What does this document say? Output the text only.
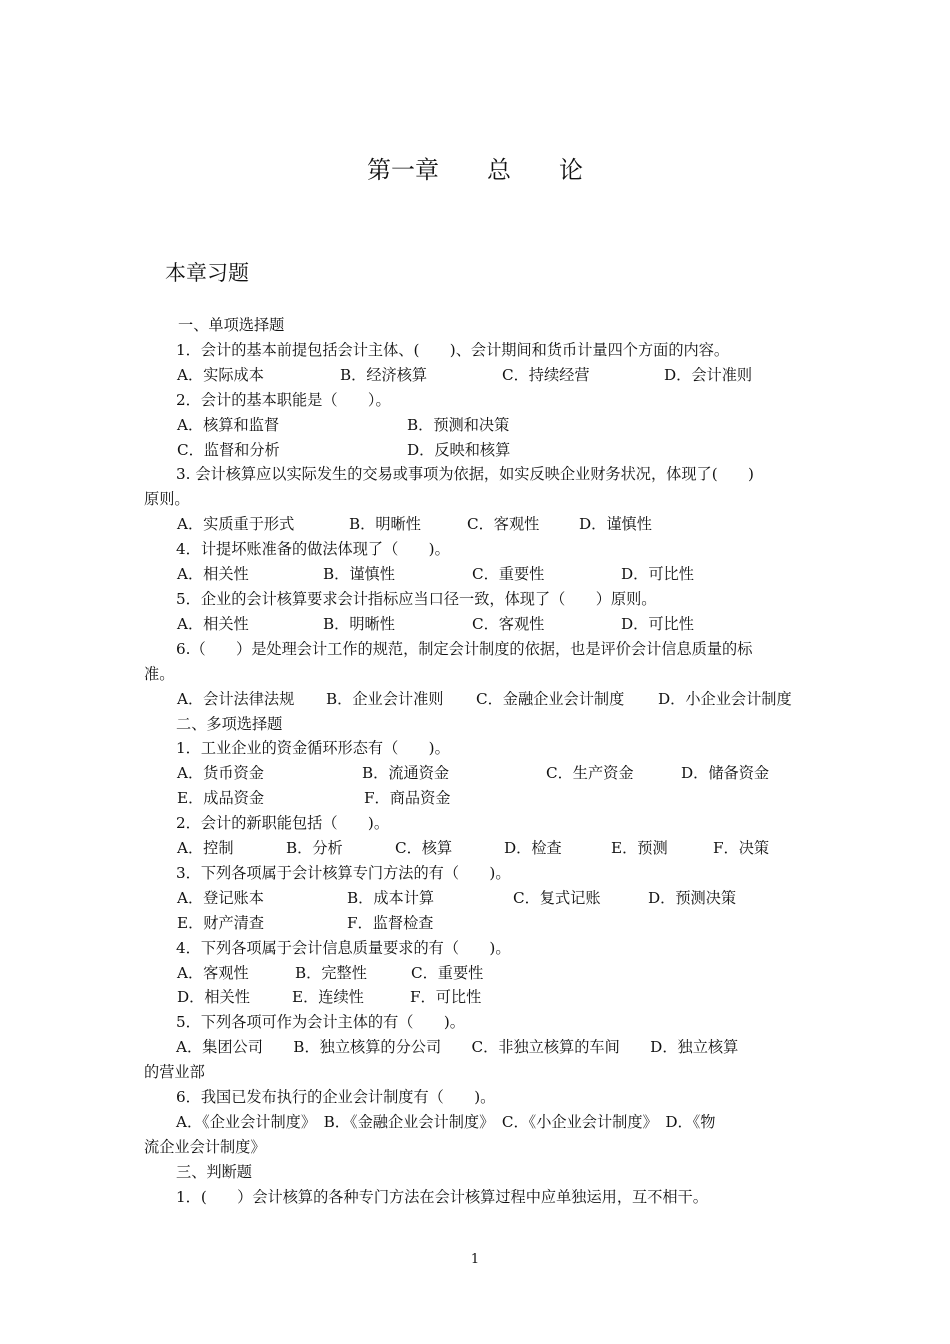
第一章　　总　　论
本章习题
一、单项选择题
1．会计的基本前提包括会计主体、(　　)、会计期间和货币计量四个方面的内容。
A．实际成本	B．经济核算	C．持续经营	D．会计准则
2．会计的基本职能是（　　）。
A．核算和监督	B．预测和决策
C．监督和分析	D．反映和核算
3. 会计核算应以实际发生的交易或事项为依据，如实反映企业财务状况，体现了(　　)
原则。
A．实质重于形式	B．明晰性	C．客观性	D．谨慎性
4．计提坏账准备的做法体现了（　　)。
A．相关性	B．谨慎性	C．重要性	D．可比性
5．企业的会计核算要求会计指标应当口径一致，体现了（　　）原则。
A．相关性	B．明晰性	C．客观性	D．可比性
6.（　　）是处理会计工作的规范，制定会计制度的依据，也是评价会计信息质量的标
准。
A．会计法律法规	B．企业会计准则	C．金融企业会计制度	D．小企业会计制度
二、多项选择题
1．工业企业的资金循环形态有（　　)。
A．货币资金	B．流通资金	C．生产资金	D．储备资金
E．成品资金	F．商品资金
2．会计的新职能包括（　　)。
A．控制	B．分析	C．核算	D．检查	E．预测	F．决策
3．下列各项属于会计核算专门方法的有（　　)。
A．登记账本	B．成本计算	C．复式记账	D．预测决策
E．财产清查	F．监督检查
4．下列各项属于会计信息质量要求的有（　　)。
A．客观性	B．完整性	C．重要性
D．相关性	E．连续性	F．可比性
5．下列各项可作为会计主体的有（　　)。
A．集团公司　　B．独立核算的分公司　　C．非独立核算的车间　　D．独立核算
的营业部
6．我国已发布执行的企业会计制度有（　　)。
A．《企业会计制度》　B．《金融企业会计制度》　C．《小企业会计制度》　D．《物
流企业会计制度》
三、判断题
1．(　　）会计核算的各种专门方法在会计核算过程中应单独运用，互不相干。
1
